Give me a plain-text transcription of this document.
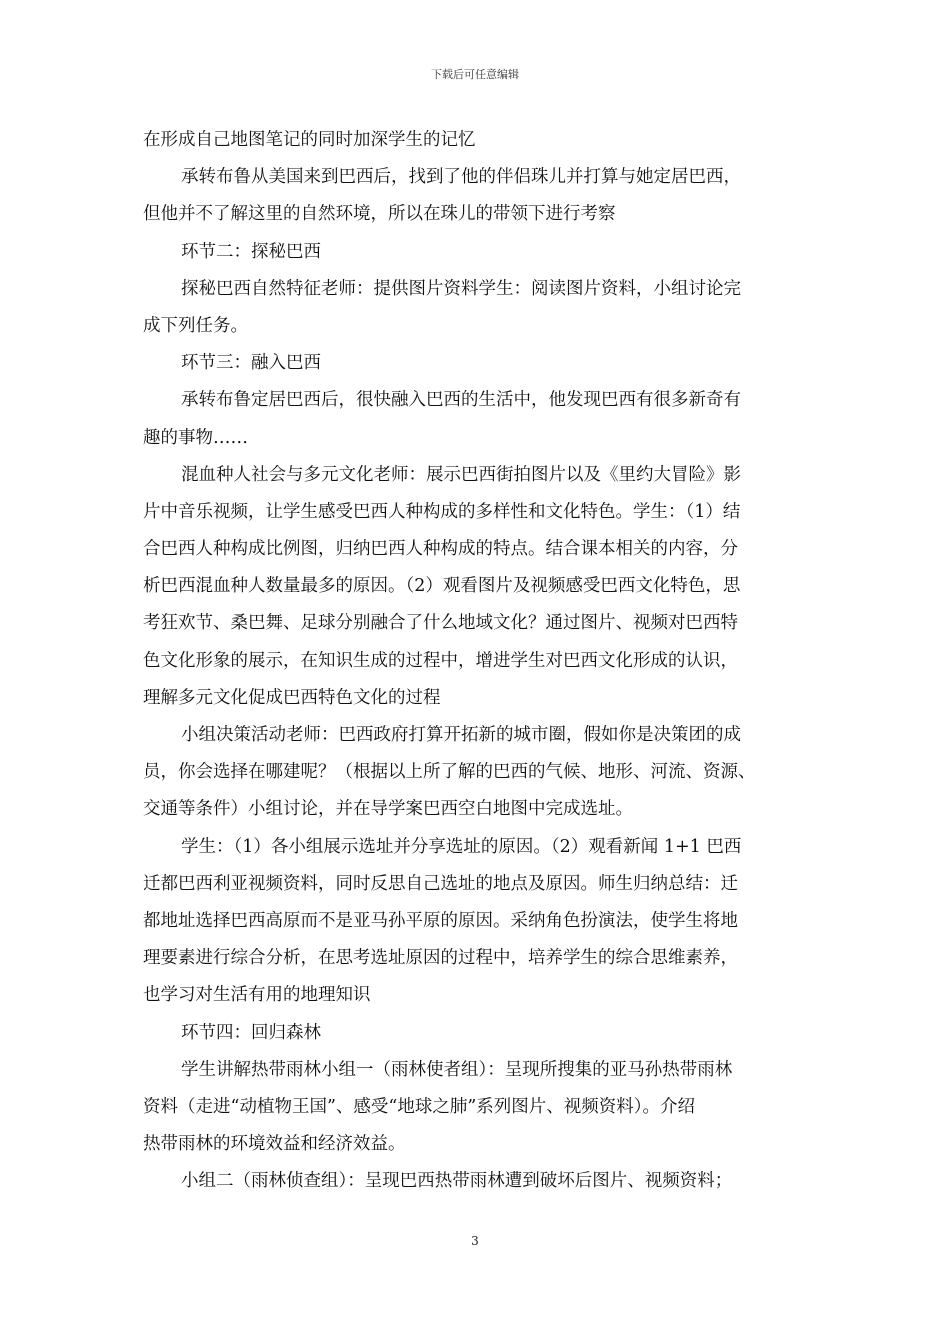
下载后可任意编辑
在形成自己地图笔记的同时加深学生的记忆
承转布鲁从美国来到巴西后，找到了他的伴侣珠儿并打算与她定居巴西，
但他并不了解这里的自然环境，所以在珠儿的带领下进行考察
环节二：探秘巴西
探秘巴西自然特征老师：提供图片资料学生：阅读图片资料，小组讨论完
成下列任务。
环节三：融入巴西
承转布鲁定居巴西后，很快融入巴西的生活中，他发现巴西有很多新奇有
趣的事物……
混血种人社会与多元文化老师：展示巴西街拍图片以及《里约大冒险》影
片中音乐视频，让学生感受巴西人种构成的多样性和文化特色。学生：（1）结
合巴西人种构成比例图，归纳巴西人种构成的特点。结合课本相关的内容，分
析巴西混血种人数量最多的原因。（2）观看图片及视频感受巴西文化特色，思
考狂欢节、桑巴舞、足球分别融合了什么地域文化？通过图片、视频对巴西特
色文化形象的展示，在知识生成的过程中，增进学生对巴西文化形成的认识，
理解多元文化促成巴西特色文化的过程
小组决策活动老师：巴西政府打算开拓新的城市圈，假如你是决策团的成
员，你会选择在哪建呢？（根据以上所了解的巴西的气候、地形、河流、资源、
交通等条件）小组讨论，并在导学案巴西空白地图中完成选址。
学生：（1）各小组展示选址并分享选址的原因。（2）观看新闻 1+1 巴西
迁都巴西利亚视频资料，同时反思自己选址的地点及原因。师生归纳总结：迁
都地址选择巴西高原而不是亚马孙平原的原因。采纳角色扮演法，使学生将地
理要素进行综合分析，在思考选址原因的过程中，培养学生的综合思维素养，
也学习对生活有用的地理知识
环节四：回归森林
学生讲解热带雨林小组一（雨林使者组）：呈现所搜集的亚马孙热带雨林
资料（走进“动植物王国”、感受“地球之肺”系列图片、视频资料）。介绍
热带雨林的环境效益和经济效益。
小组二（雨林侦查组）：呈现巴西热带雨林遭到破坏后图片、视频资料；
3
